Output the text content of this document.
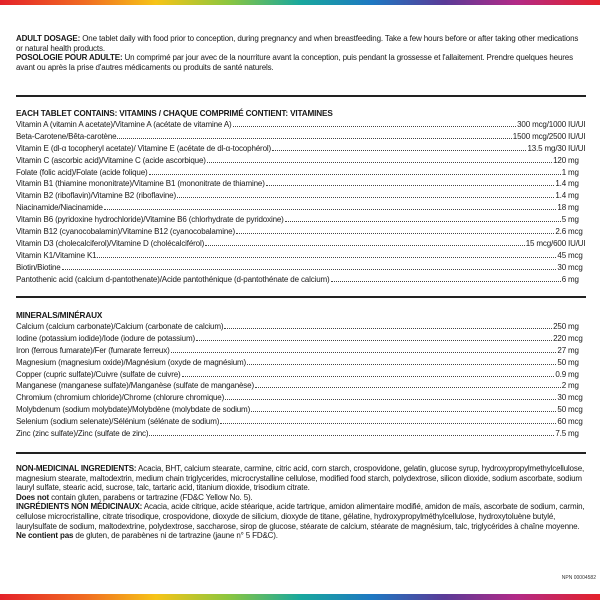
ADULT DOSAGE: One tablet daily with food prior to conception, during pregnancy and when breastfeeding. Take a few hours before or after taking other medications or natural health products.

POSOLOGIE POUR ADULTE: Un comprimé par jour avec de la nourriture avant la conception, puis pendant la grossesse et l'allaitement. Prendre quelques heures avant ou après la prise d'autres médicaments ou produits de santé naturels.

EACH TABLET CONTAINS: VITAMINS / CHAQUE COMPRIMÉ CONTIENT: VITAMINES
Vitamin A (vitamin A acetate)/Vitamine A (acétate de vitamine A)	300 mcg/1000 IU/UI
Beta-Carotene/Bêta-carotène	1500 mcg/2500 IU/UI
Vitamin E (dl-α tocopheryl acetate)/ Vitamine E (acétate de dl-α-tocophérol)	13.5 mg/30 IU/UI
Vitamin C (ascorbic acid)/Vitamine C (acide ascorbique)	120 mg
Folate (folic acid)/Folate (acide folique)	1 mg
Vitamin B1 (thiamine mononitrate)/Vitamine B1 (mononitrate de thiamine)	1.4 mg
Vitamin B2 (riboflavin)/Vitamine B2 (riboflavine)	1.4 mg
Niacinamide/Niacinamide	18 mg
Vitamin B6 (pyridoxine hydrochloride)/Vitamine B6 (chlorhydrate de pyridoxine)	5 mg
Vitamin B12 (cyanocobalamin)/Vitamine B12 (cyanocobalamine)	2.6 mcg
Vitamin D3 (cholecalciferol)/Vitamine D (cholécalciférol)	15 mcg/600 IU/UI
Vitamin K1/Vitamine K1	45 mcg
Biotin/Biotine	30 mcg
Pantothenic acid (calcium d-pantothenate)/Acide pantothénique (d-pantothénate de calcium)	6 mg
MINERALS/MINÉRAUX
Calcium (calcium carbonate)/Calcium (carbonate de calcium)	250 mg
Iodine (potassium iodide)/Iode (iodure de potassium)	220 mcg
Iron (ferrous fumarate)/Fer (fumarate ferreux)	27 mg
Magnesium (magnesium oxide)/Magnésium (oxyde de magnésium)	50 mg
Copper (cupric sulfate)/Cuivre (sulfate de cuivre)	0.9 mg
Manganese (manganese sulfate)/Manganèse (sulfate de manganèse)	2 mg
Chromium (chromium chloride)/Chrome (chlorure chromique)	30 mcg
Molybdenum (sodium molybdate)/Molybdène (molybdate de sodium)	50 mcg
Selenium (sodium selenate)/Sélénium (sélénate de sodium)	60 mcg
Zinc (zinc sulfate)/Zinc (sulfate de zinc)	7.5 mg

NON-MEDICINAL INGREDIENTS: Acacia, BHT, calcium stearate, carmine, citric acid, corn starch, crospovidone, gelatin, glucose syrup, hydroxypropylmethylcellulose, magnesium stearate, maltodextrin, medium chain triglycerides, microcrystalline cellulose, modified food starch, polydextrose, silicon dioxide, sodium ascorbate, sodium lauryl sulfate, stearic acid, sucrose, talc, tartaric acid, titanium dioxide, trisodium citrate.

Does not contain gluten, parabens or tartrazine (FD&C Yellow No. 5).

INGRÉDIENTS NON MÉDICINAUX: Acacia, acide citrique, acide stéarique, acide tartrique, amidon alimentaire modifié, amidon de maïs, ascorbate de sodium, carmin, cellulose microcristalline, citrate trisodique, crospovidone, dioxyde de silicium, dioxyde de titane, gélatine, hydroxypropylméthylcellulose, hydroxytoluène butylé, laurylsulfate de sodium, maltodextrine, polydextrose, saccharose, sirop de glucose, stéarate de calcium, stéarate de magnésium, talc, triglycérides à chaîne moyenne.

Ne contient pas de gluten, de parabènes ni de tartrazine (jaune n° 5 FD&C).

NPN 00004582
